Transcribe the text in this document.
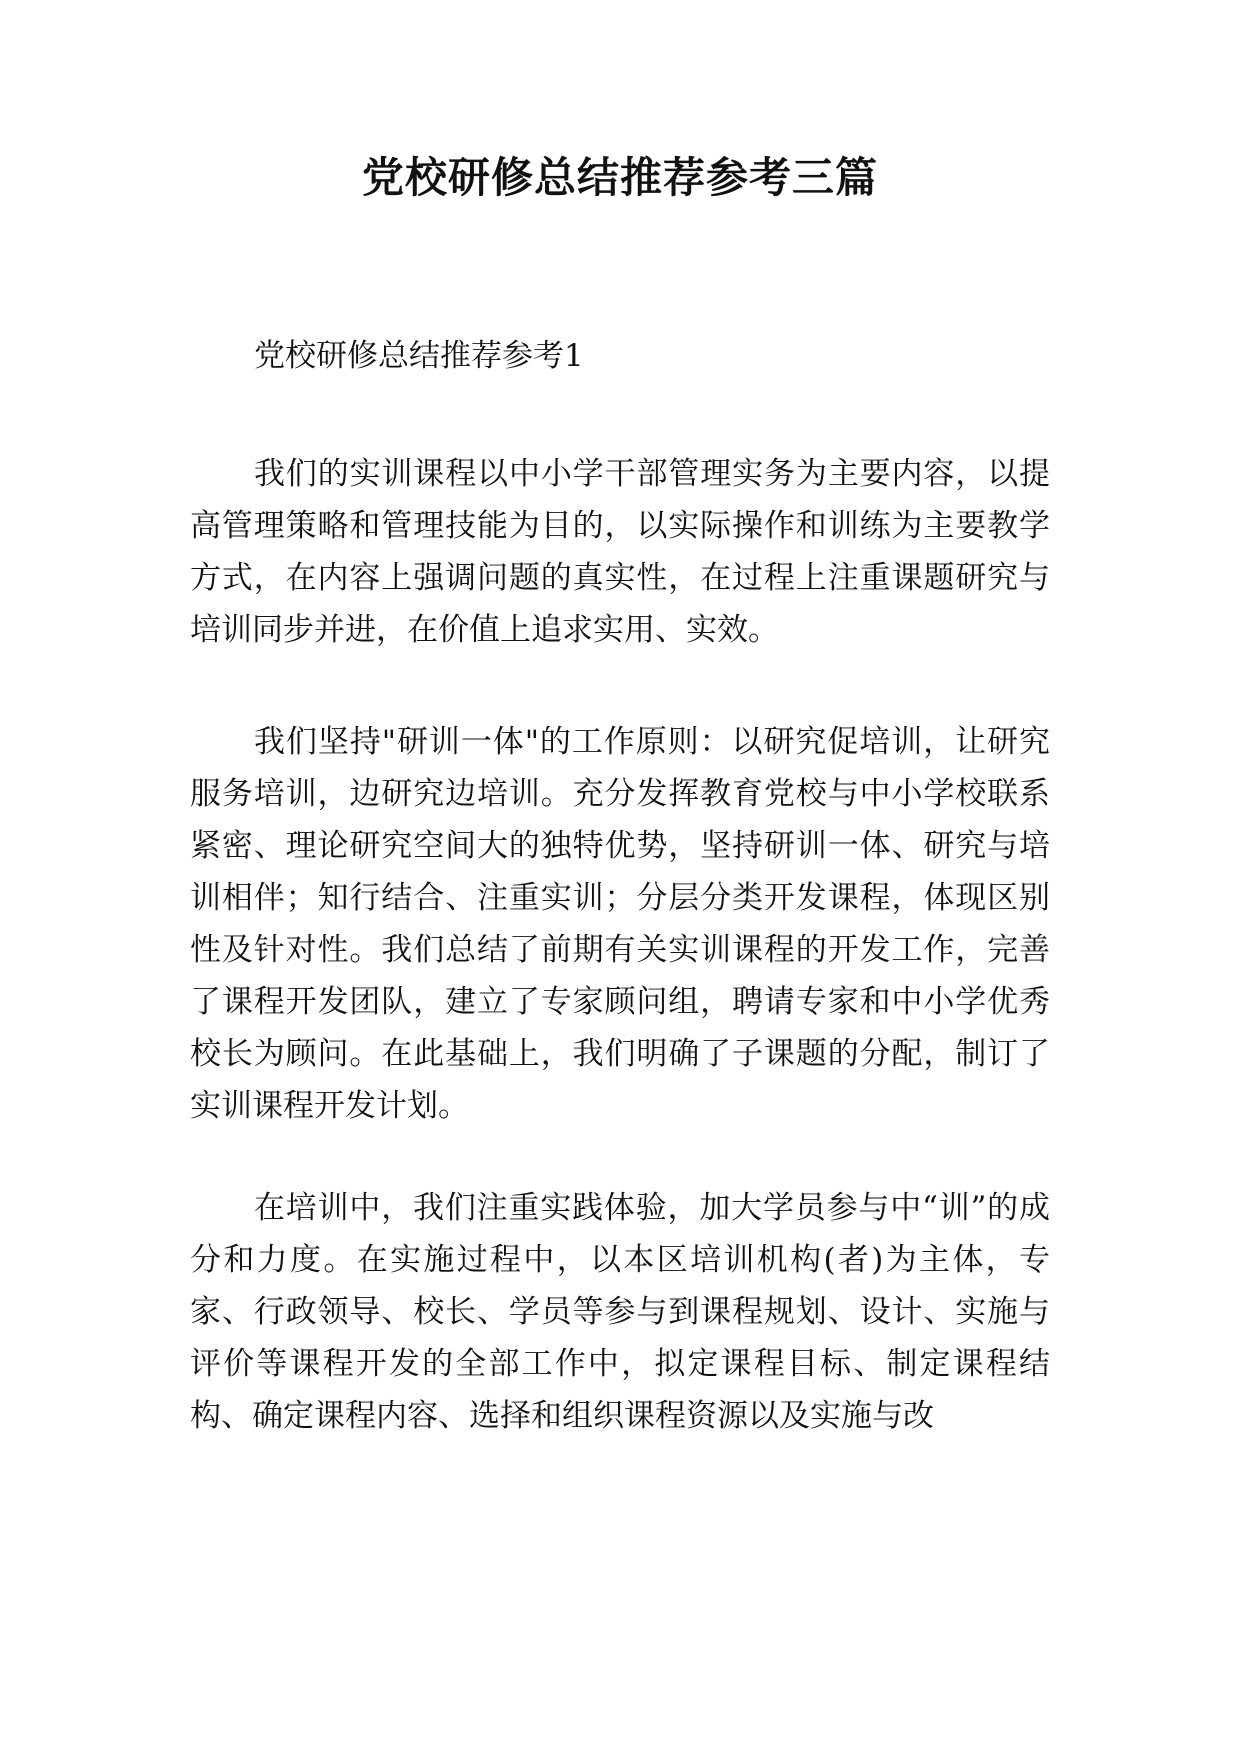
党校研修总结推荐参考三篇

党校研修总结推荐参考1

我们的实训课程以中小学干部管理实务为主要内容，以提高管理策略和管理技能为目的，以实际操作和训练为主要教学方式，在内容上强调问题的真实性，在过程上注重课题研究与培训同步并进，在价值上追求实用、实效。

我们坚持"研训一体"的工作原则：以研究促培训，让研究服务培训，边研究边培训。充分发挥教育党校与中小学校联系紧密、理论研究空间大的独特优势，坚持研训一体、研究与培训相伴；知行结合、注重实训；分层分类开发课程，体现区别性及针对性。我们总结了前期有关实训课程的开发工作，完善了课程开发团队，建立了专家顾问组，聘请专家和中小学优秀校长为顾问。在此基础上，我们明确了子课题的分配，制订了实训课程开发计划。

在培训中，我们注重实践体验，加大学员参与中“训”的成分和力度。在实施过程中，以本区培训机构(者)为主体，专家、行政领导、校长、学员等参与到课程规划、设计、实施与评价等课程开发的全部工作中，拟定课程目标、制定课程结构、确定课程内容、选择和组织课程资源以及实施与改
